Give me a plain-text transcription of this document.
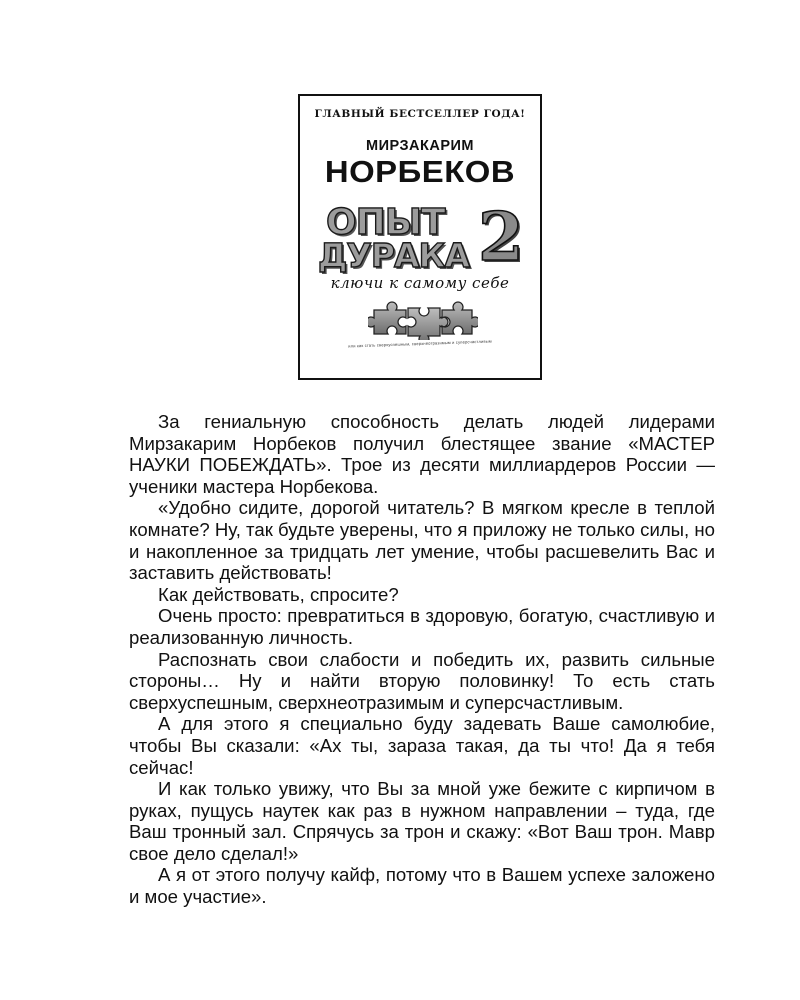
ГЛАВНЫЙ БЕСТСЕЛЛЕР ГОДА!
МИРЗАКАРИМ
НОРБЕКОВ
ОПЫТ
ДУРАКА 2
ключи к самому себе
или как стать сверхуспешным, сверхнеотразимым и суперсчастливым

За гениальную способность делать людей лидерами Мирзакарим Норбеков получил блестящее звание «МАСТЕР НАУКИ ПОБЕЖДАТЬ». Трое из десяти миллиардеров России — ученики мастера Норбекова.

«Удобно сидите, дорогой читатель? В мягком кресле в теплой комнате? Ну, так будьте уверены, что я приложу не только силы, но и накопленное за тридцать лет умение, чтобы расшевелить Вас и заставить действовать!

Как действовать, спросите?

Очень просто: превратиться в здоровую, богатую, счастливую и реализованную личность.

Распознать свои слабости и победить их, развить сильные стороны… Ну и найти вторую половинку! То есть стать сверхуспешным, сверхнеотразимым и суперсчастливым.

А для этого я специально буду задевать Ваше самолюбие, чтобы Вы сказали: «Ах ты, зараза такая, да ты что! Да я тебя сейчас!

И как только увижу, что Вы за мной уже бежите с кирпичом в руках, пущусь наутек как раз в нужном направлении – туда, где Ваш тронный зал. Спрячусь за трон и скажу: «Вот Ваш трон. Мавр свое дело сделал!»

А я от этого получу кайф, потому что в Вашем успехе заложено и мое участие».
